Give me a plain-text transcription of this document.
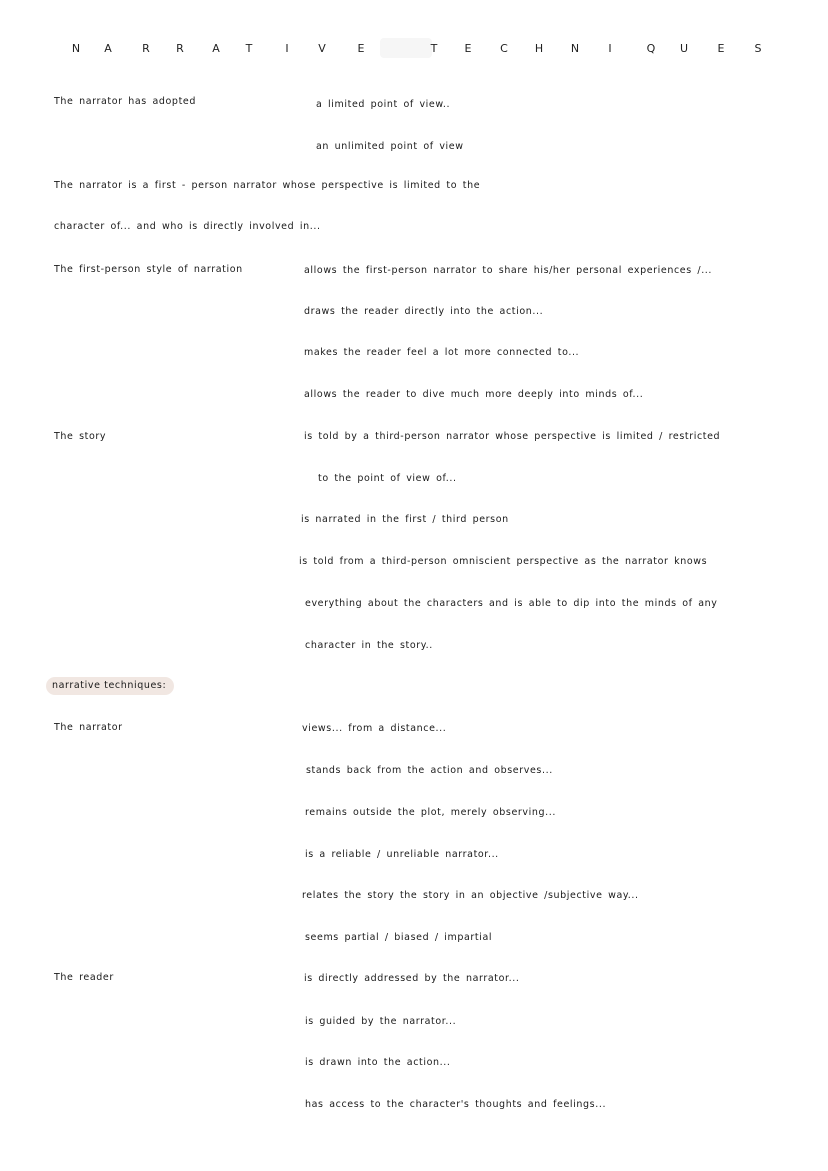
N A	R R	A T	I	V	E	T E	C H	N	I	Q U	E	S
The narrator has adopted	a limited point of view..
an unlimited point of view
The narrator is a first - person narrator whose perspective is limited to the
character of... and who is directly involved in...
The first-person style of narration	allows the first-person narrator to share his/her personal experiences /...
draws the reader directly into the action...
makes the reader feel a lot more connected to...
allows the reader to dive much more deeply into minds of...
The story	is told by a third-person narrator whose perspective is limited / restricted
to the point of view of...
is narrated in the first / third person
is told from a third-person omniscient perspective as the narrator knows
everything about the characters and is able to dip into the minds of any
character in the story..
narrative techniques:
The narrator	views... from a distance...
stands back from the action and observes...
remains outside the plot, merely observing...
is a reliable / unreliable narrator...
relates the story the story in an objective /subjective way...
seems partial / biased / impartial
The reader	is directly addressed by the narrator...
is guided by the narrator...
is drawn into the action...
has access to the character's thoughts and feelings...
